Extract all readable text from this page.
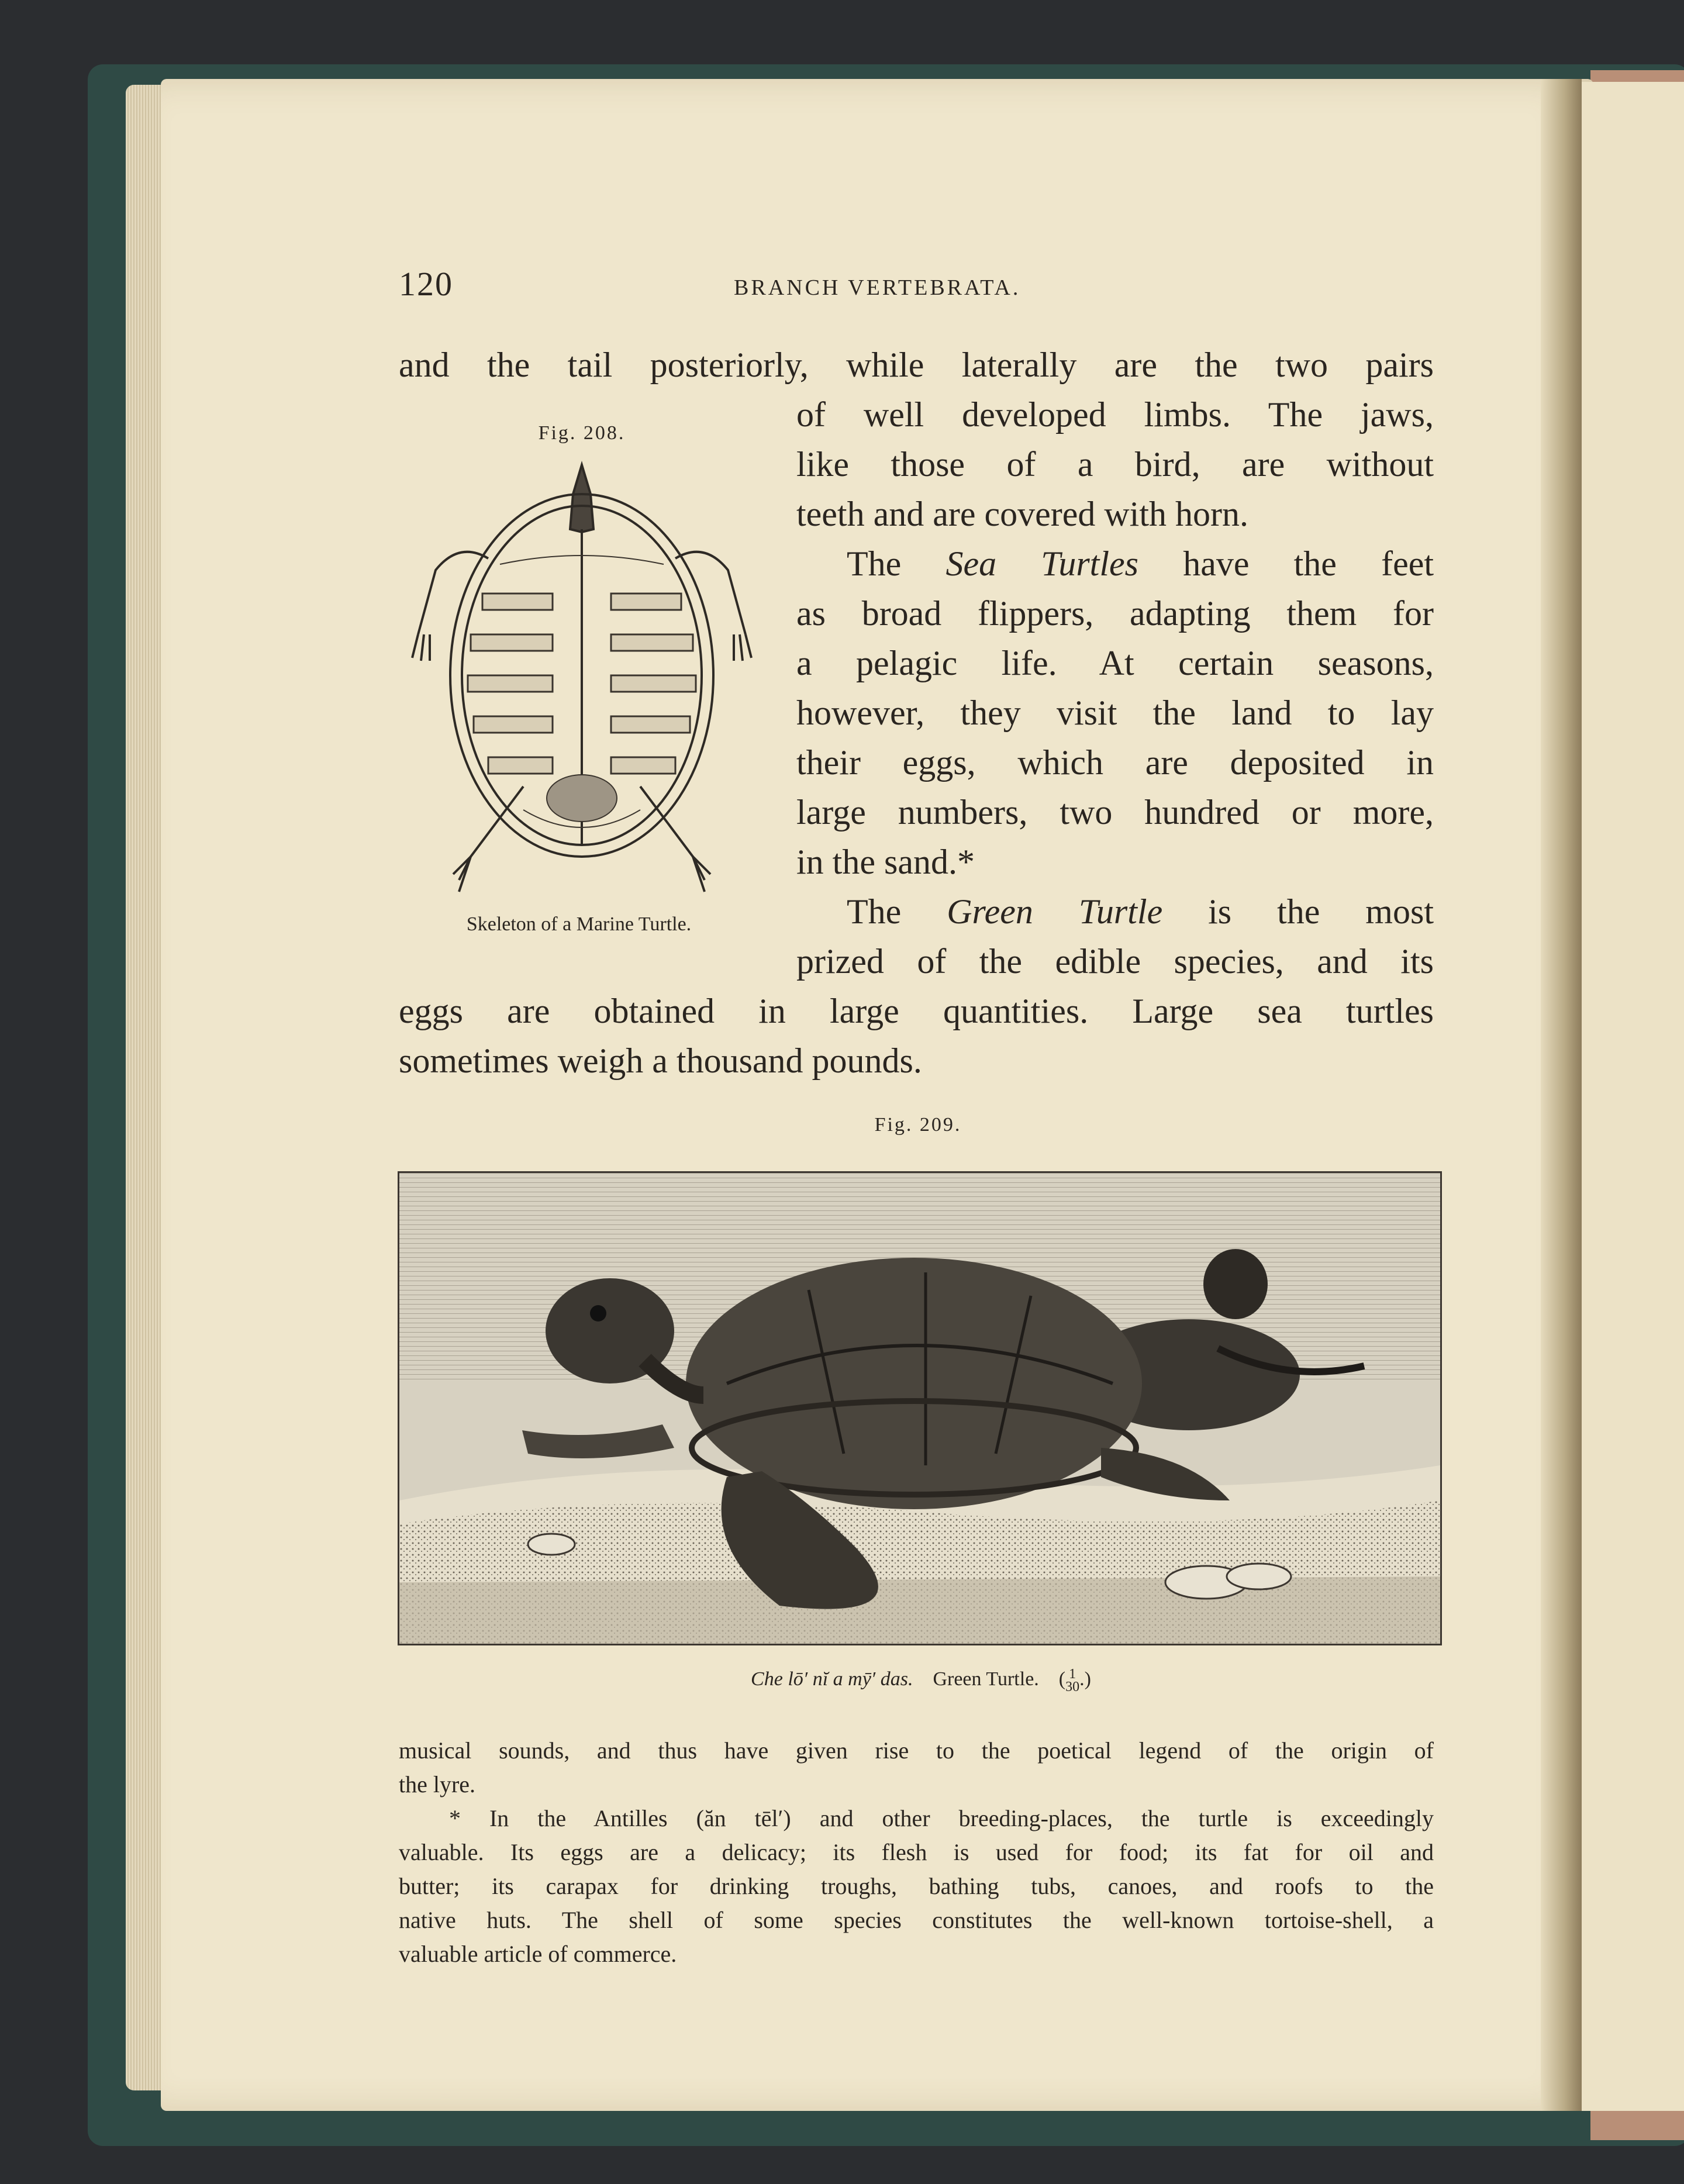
120	BRANCH VERTEBRATA.
and the tail posteriorly, while laterally are the two pairs
of well developed limbs. The jaws,
like those of a bird, are without
teeth and are covered with horn.
Fig. 208.
Skeleton of a Marine Turtle.
The Sea Turtles have the feet
as broad flippers, adapting them for
a pelagic life. At certain seasons,
however, they visit the land to lay
their eggs, which are deposited in
large numbers, two hundred or more,
in the sand.*
The Green Turtle is the most
prized of the edible species, and its
eggs are obtained in large quantities. Large sea turtles
sometimes weigh a thousand pounds.
Fig. 209.
Che lō′ nĭ a mȳ′ das. Green Turtle. ( 1
30.)
musical sounds, and thus have given rise to the poetical legend of the origin of
the lyre.
* In the Antilles (ăn tēl′) and other breeding-places, the turtle is exceedingly
valuable. Its eggs are a delicacy; its flesh is used for food; its fat for oil and
butter; its carapax for drinking troughs, bathing tubs, canoes, and roofs to the
native huts. The shell of some species constitutes the well-known tortoise-shell, a
valuable article of commerce.
